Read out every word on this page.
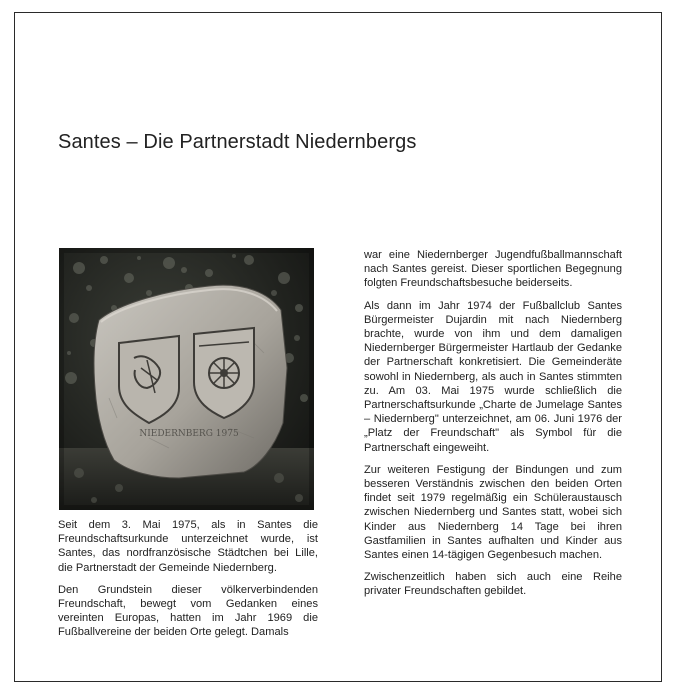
Santes – Die Partnerstadt Niedernbergs
NIEDERNBERG 1975

Seit dem 3. Mai 1975, als in Santes die Freundschaftsurkunde unterzeichnet wurde, ist Santes, das nordfranzösische Städtchen bei Lille, die Partnerstadt der Gemeinde Niedernberg.

Den Grundstein dieser völkerverbindenden Freundschaft, bewegt vom Gedanken eines vereinten Europas, hatten im Jahr 1969 die Fußballvereine der beiden Orte gelegt. Damals

war eine Niedernberger Jugendfußballmannschaft nach Santes gereist. Dieser sportlichen Begegnung folgten Freundschaftsbesuche beiderseits.

Als dann im Jahr 1974 der Fußballclub Santes Bürgermeister Dujardin mit nach Niedernberg brachte, wurde von ihm und dem damaligen Niedernberger Bürgermeister Hartlaub der Gedanke der Partnerschaft konkretisiert. Die Gemeinderäte sowohl in Niedernberg, als auch in Santes stimmten zu. Am 03. Mai 1975 wurde schließlich die Partnerschaftsurkunde „Charte de Jumelage Santes – Niedernberg" unterzeichnet, am 06. Juni 1976 der „Platz der Freundschaft" als Symbol für die Partnerschaft eingeweiht.

Zur weiteren Festigung der Bindungen und zum besseren Verständnis zwischen den beiden Orten findet seit 1979 regelmäßig ein Schüleraustausch zwischen Niedernberg und Santes statt, wobei sich Kinder aus Niedernberg 14 Tage bei ihren Gastfamilien in Santes aufhalten und Kinder aus Santes einen 14-tägigen Gegenbesuch machen.

Zwischenzeitlich haben sich auch eine Reihe privater Freundschaften gebildet.
